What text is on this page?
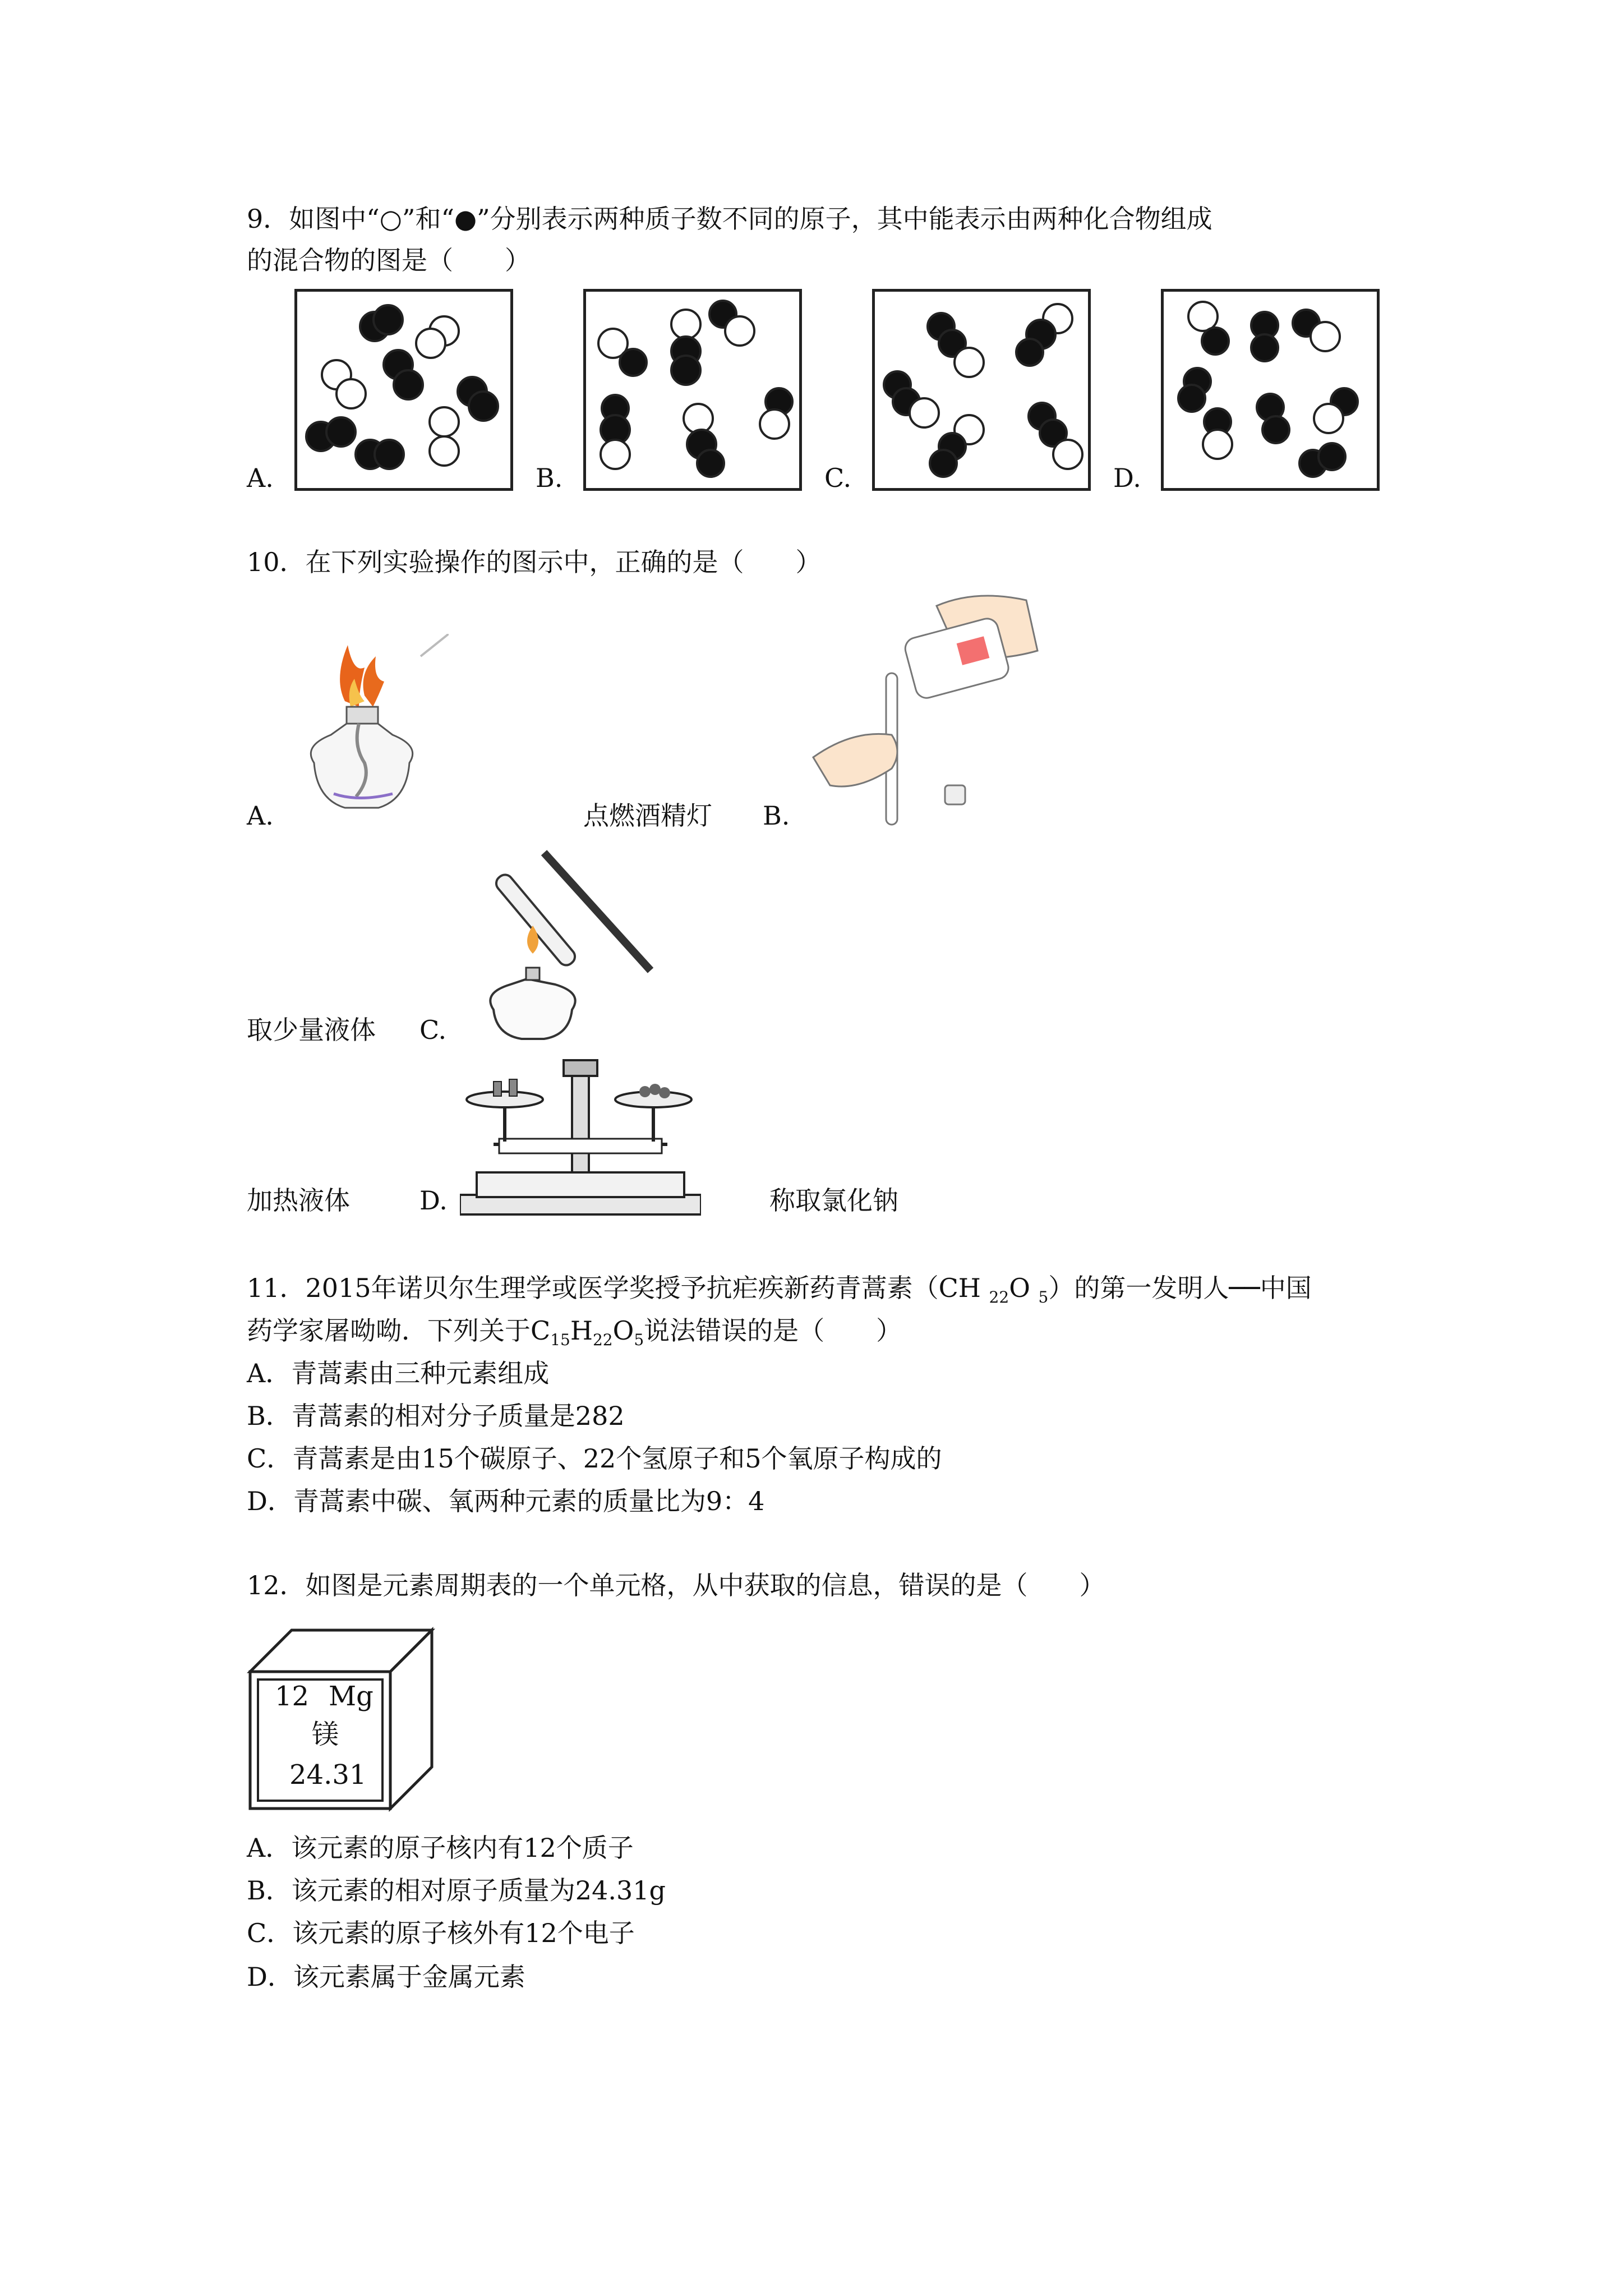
9．如图中“○”和“●”分别表示两种质子数不同的原子，其中能表示由两种化合物组成
的混合物的图是（　　）
A.	B.	C.	D.
10．在下列实验操作的图示中，正确的是（　　）
A.	点燃酒精灯 B.
取少量液体 C.
加热液体	D.	称取氯化钠
11．2015年诺贝尔生理学或医学奖授予抗疟疾新药青蒿素（CH $_{22}$O $_5$）的第一发明人──中国
药学家屠呦呦．下列关于$C_{15}H_{22}O_5$说法错误的是（　　）
A．青蒿素由三种元素组成
B．青蒿素的相对分子质量是282
C．青蒿素是由15个碳原子、22个氢原子和5个氧原子构成的
D．青蒿素中碳、氧两种元素的质量比为9：4
12．如图是元素周期表的一个单元格，从中获取的信息，错误的是（　　）
12 Mg
镁
24.31
A．该元素的原子核内有12个质子
B．该元素的相对原子质量为24.31g
C．该元素的原子核外有12个电子
D．该元素属于金属元素
